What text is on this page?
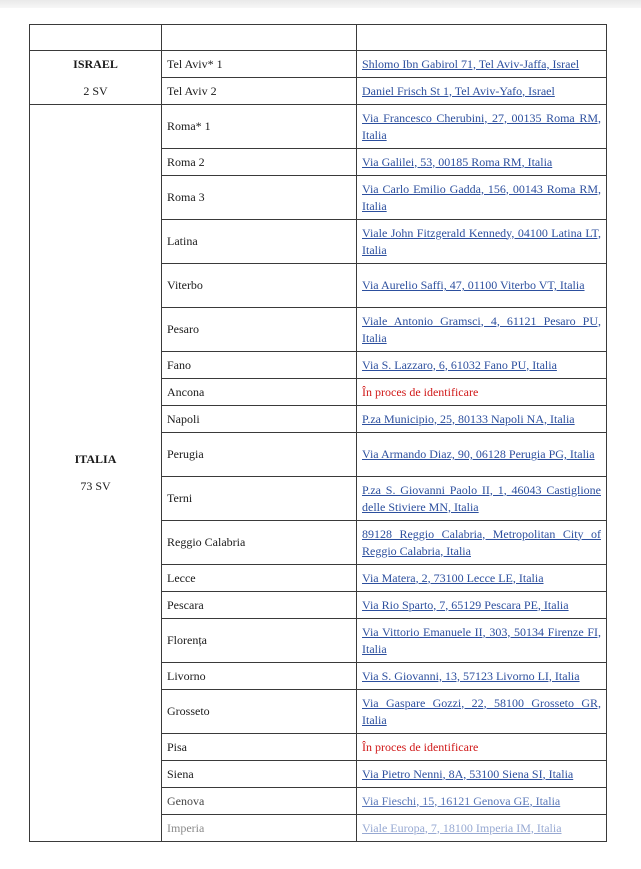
ISRAEL
2 SV	Tel Aviv* 1	Shlomo Ibn Gabirol 71, Tel Aviv-Jaffa, Israel

	Tel Aviv 2	Daniel Frisch St 1, Tel Aviv-Yafo, Israel

ITALIA
73 SV	Roma* 1	Via Francesco Cherubini, 27, 00135 Roma RM, Italia

	Roma 2	Via Galilei, 53, 00185 Roma RM, Italia

	Roma 3	Via Carlo Emilio Gadda, 156, 00143 Roma RM, Italia

	Latina	Viale John Fitzgerald Kennedy, 04100 Latina LT, Italia

	Viterbo	Via Aurelio Saffi, 47, 01100 Viterbo VT, Italia

	Pesaro	Viale Antonio Gramsci, 4, 61121 Pesaro PU, Italia

	Fano	Via S. Lazzaro, 6, 61032 Fano PU, Italia

	Ancona	În proces de identificare

	Napoli	P.za Municipio, 25, 80133 Napoli NA, Italia

	Perugia	Via Armando Diaz, 90, 06128 Perugia PG, Italia

	Terni	P.za S. Giovanni Paolo II, 1, 46043 Castiglione delle Stiviere MN, Italia

	Reggio Calabria	89128 Reggio Calabria, Metropolitan City of Reggio Calabria, Italia

	Lecce	Via Matera, 2, 73100 Lecce LE, Italia

	Pescara	Via Rio Sparto, 7, 65129 Pescara PE, Italia

	Florența	Via Vittorio Emanuele II, 303, 50134 Firenze FI, Italia

	Livorno	Via S. Giovanni, 13, 57123 Livorno LI, Italia

	Grosseto	Via Gaspare Gozzi, 22, 58100 Grosseto GR, Italia

	Pisa	În proces de identificare

	Siena	Via Pietro Nenni, 8A, 53100 Siena SI, Italia

	Genova	Via Fieschi, 15, 16121 Genova GE, Italia

	Imperia	Viale Europa, 7, 18100 Imperia IM, Italia
